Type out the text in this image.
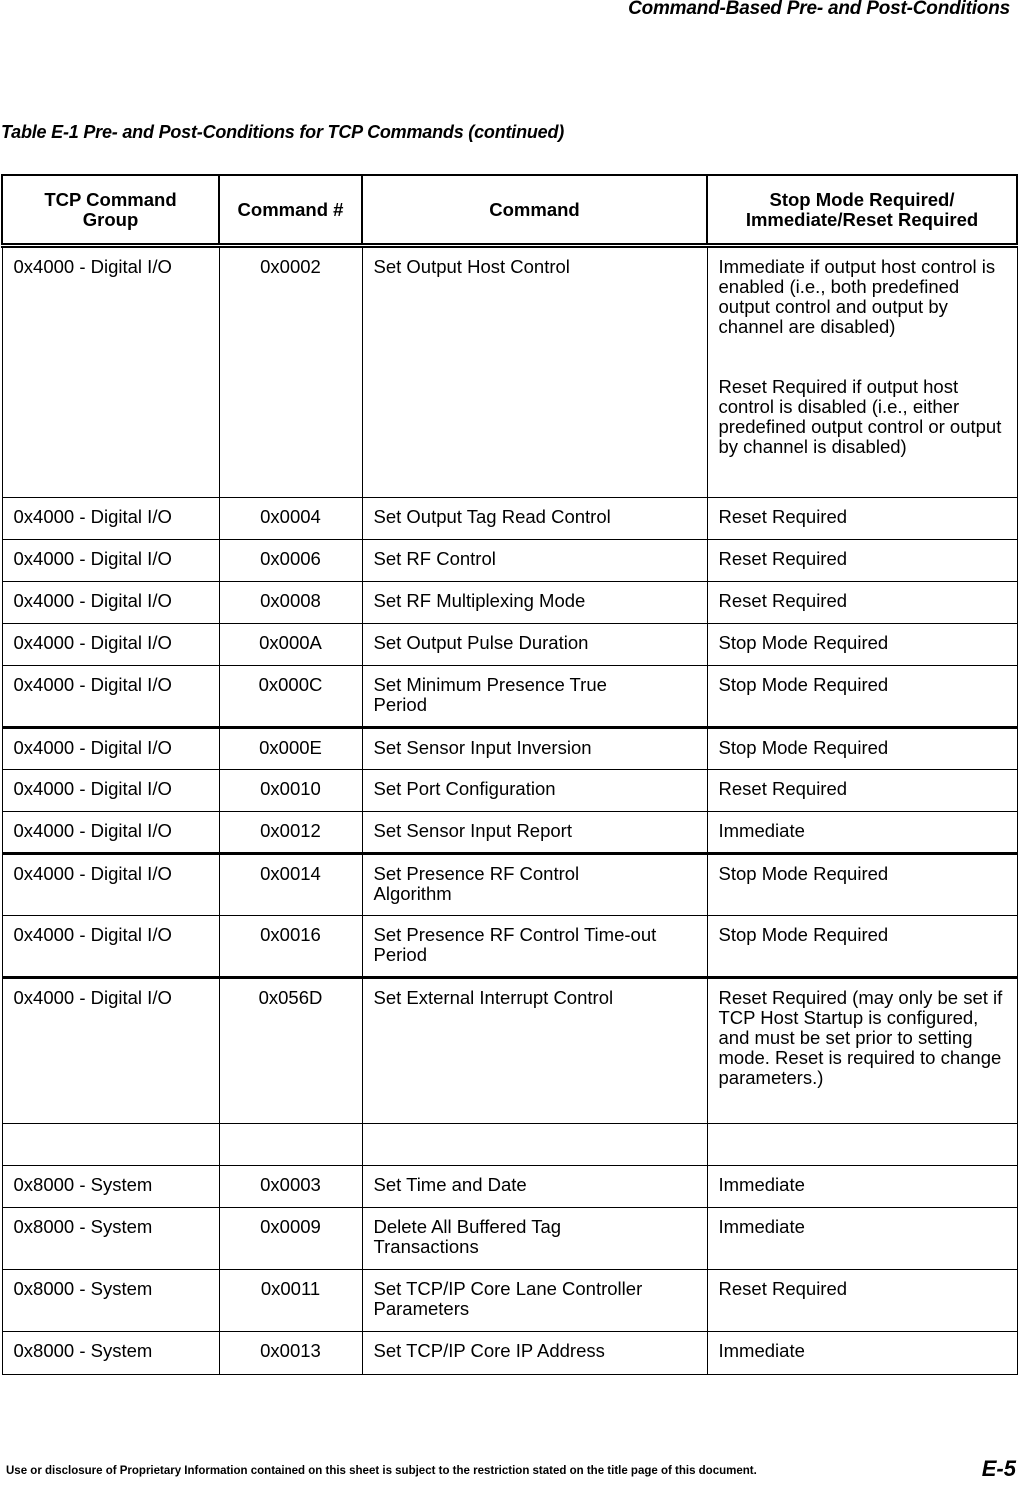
Command-Based Pre- and Post-Conditions
Table E-1 Pre- and Post-Conditions for TCP Commands (continued)
TCP Command Group	Command #	Command	Stop Mode Required/ Immediate/Reset Required
0x4000 - Digital I/O	0x0002	Set Output Host Control	Immediate if output host control is enabled (i.e., both predefined output control and output by channel are disabled)
Reset Required if output host control is disabled (i.e., either predefined output control or output by channel is disabled)

0x4000 - Digital I/O	0x0004	Set Output Tag Read Control	Reset Required
0x4000 - Digital I/O	0x0006	Set RF Control	Reset Required
0x4000 - Digital I/O	0x0008	Set RF Multiplexing Mode	Reset Required
0x4000 - Digital I/O	0x000A	Set Output Pulse Duration	Stop Mode Required
0x4000 - Digital I/O	0x000C	Set Minimum Presence True Period	Stop Mode Required
0x4000 - Digital I/O	0x000E	Set Sensor Input Inversion	Stop Mode Required
0x4000 - Digital I/O	0x0010	Set Port Configuration	Reset Required
0x4000 - Digital I/O	0x0012	Set Sensor Input Report	Immediate
0x4000 - Digital I/O	0x0014	Set Presence RF Control Algorithm	Stop Mode Required
0x4000 - Digital I/O	0x0016	Set Presence RF Control Time-out Period	Stop Mode Required
0x4000 - Digital I/O	0x056D	Set External Interrupt Control	Reset Required (may only be set if TCP Host Startup is configured, and must be set prior to setting mode. Reset is required to change parameters.)

0x8000 - System	0x0003	Set Time and Date	Immediate
0x8000 - System	0x0009	Delete All Buffered Tag Transactions	Immediate
0x8000 - System	0x0011	Set TCP/IP Core Lane Controller Parameters	Reset Required
0x8000 - System	0x0013	Set TCP/IP Core IP Address	Immediate
Use or disclosure of Proprietary Information contained on this sheet is subject to the restriction stated on the title page of this document.	E-5
